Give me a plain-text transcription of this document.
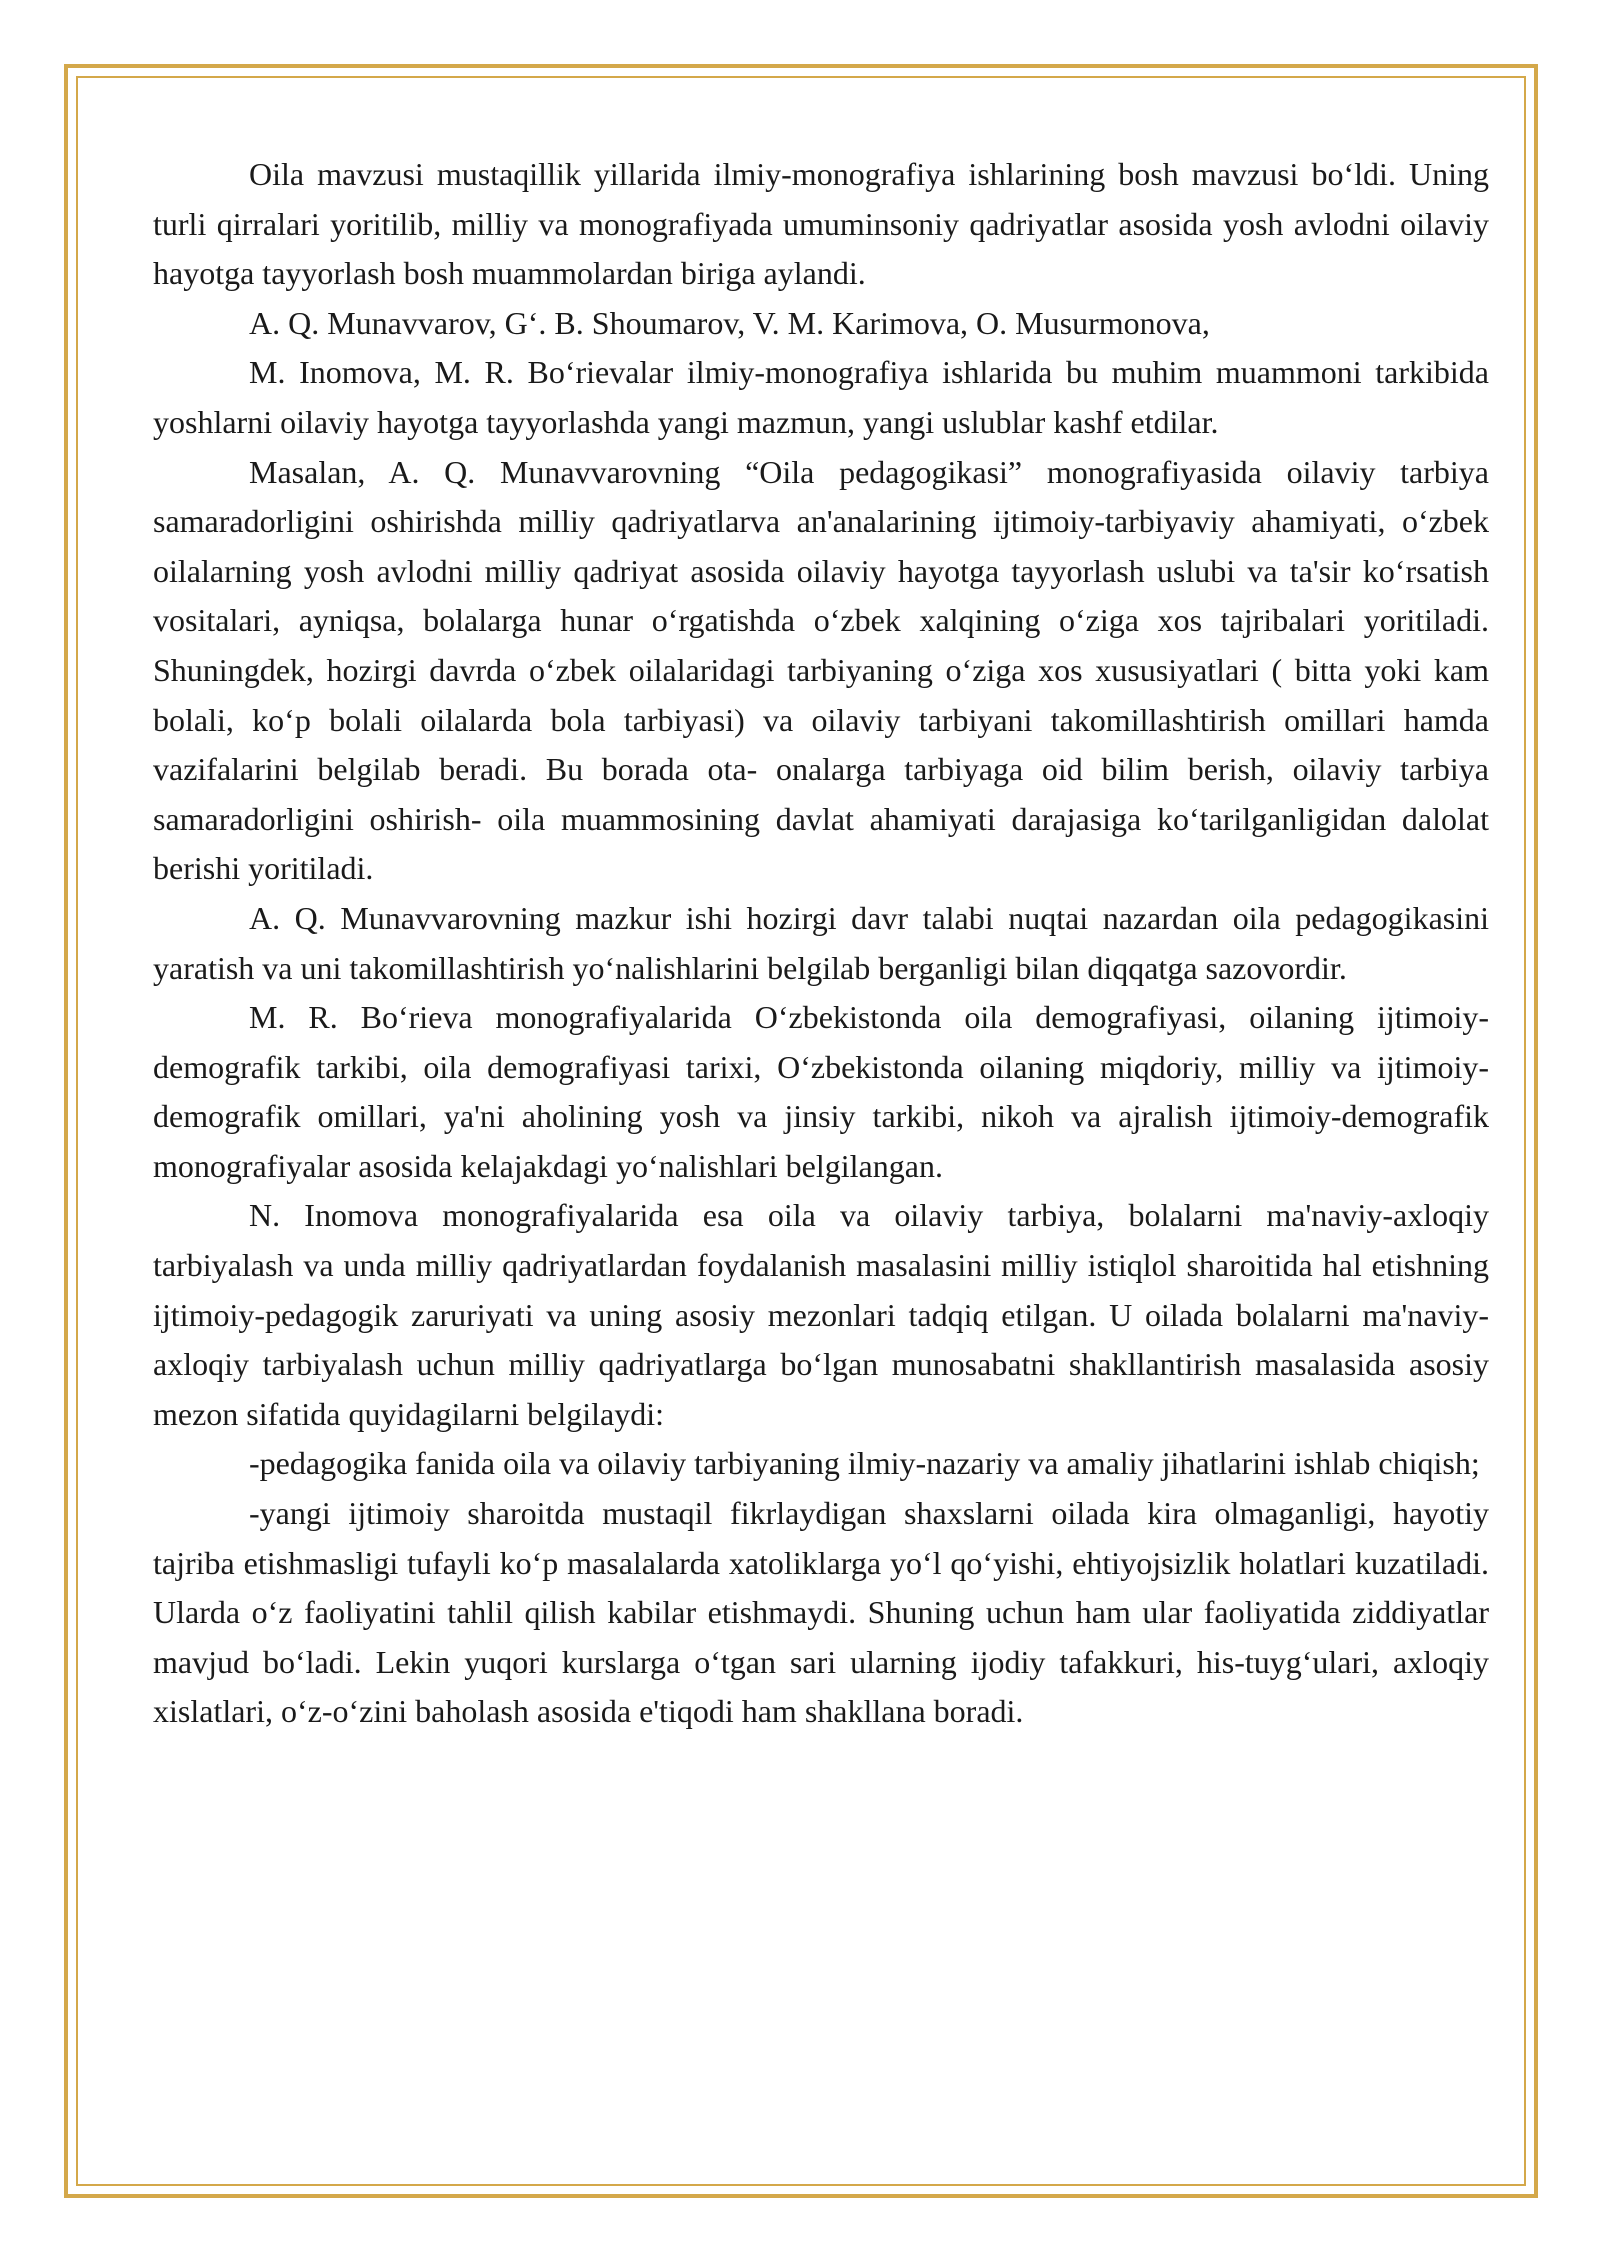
Oila mavzusi mustaqillik yillarida ilmiy-monografiya ishlarining bosh mavzusi bo‘ldi. Uning turli qirralari yoritilib, milliy va monografiyada umuminsoniy qadriyatlar asosida yosh avlodni oilaviy hayotga tayyorlash bosh muammolardan biriga aylandi.

A. Q. Munavvarov, G‘. B. Shoumarov, V. M. Karimova, O. Musurmonova,

M. Inomova, M. R. Bo‘rievalar ilmiy-monografiya ishlarida bu muhim muammoni tarkibida yoshlarni oilaviy hayotga tayyorlashda yangi mazmun, yangi uslublar kashf etdilar.

Masalan, A. Q. Munavvarovning “Oila pedagogikasi” monografiyasida oilaviy tarbiya samaradorligini oshirishda milliy qadriyatlarva an'analarining ijtimoiy-tarbiyaviy ahamiyati, o‘zbek oilalarning yosh avlodni milliy qadriyat asosida oilaviy hayotga tayyorlash uslubi va ta'sir ko‘rsatish vositalari, ayniqsa, bolalarga hunar o‘rgatishda o‘zbek xalqining o‘ziga xos tajribalari yoritiladi. Shuningdek, hozirgi davrda o‘zbek oilalaridagi tarbiyaning o‘ziga xos xususiyatlari ( bitta yoki kam bolali, ko‘p bolali oilalarda bola tarbiyasi) va oilaviy tarbiyani takomillashtirish omillari hamda vazifalarini belgilab beradi. Bu borada ota- onalarga tarbiyaga oid bilim berish, oilaviy tarbiya samaradorligini oshirish- oila muammosining davlat ahamiyati darajasiga ko‘tarilganligidan dalolat berishi yoritiladi.

A. Q. Munavvarovning mazkur ishi hozirgi davr talabi nuqtai nazardan oila pedagogikasini yaratish va uni takomillashtirish yo‘nalishlarini belgilab berganligi bilan diqqatga sazovordir.

M. R. Bo‘rieva monografiyalarida O‘zbekistonda oila demografiyasi, oilaning ijtimoiy-demografik tarkibi, oila demografiyasi tarixi, O‘zbekistonda oilaning miqdoriy, milliy va ijtimoiy-demografik omillari, ya'ni aholining yosh va jinsiy tarkibi, nikoh va ajralish ijtimoiy-demografik monografiyalar asosida kelajakdagi yo‘nalishlari belgilangan.

N. Inomova monografiyalarida esa oila va oilaviy tarbiya, bolalarni ma'naviy-axloqiy tarbiyalash va unda milliy qadriyatlardan foydalanish masalasini milliy istiqlol sharoitida hal etishning ijtimoiy-pedagogik zaruriyati va uning asosiy mezonlari tadqiq etilgan. U oilada bolalarni ma'naviy-axloqiy tarbiyalash uchun milliy qadriyatlarga bo‘lgan munosabatni shakllantirish masalasida asosiy mezon sifatida quyidagilarni belgilaydi:

-pedagogika fanida oila va oilaviy tarbiyaning ilmiy-nazariy va amaliy jihatlarini ishlab chiqish;

-yangi ijtimoiy sharoitda mustaqil fikrlaydigan shaxslarni oilada kira olmaganligi, hayotiy tajriba etishmasligi tufayli ko‘p masalalarda xatoliklarga yo‘l qo‘yishi, ehtiyojsizlik holatlari kuzatiladi. Ularda o‘z faoliyatini tahlil qilish kabilar etishmaydi. Shuning uchun ham ular faoliyatida ziddiyatlar mavjud bo‘ladi. Lekin yuqori kurslarga o‘tgan sari ularning ijodiy tafakkuri, his-tuyg‘ulari, axloqiy xislatlari, o‘z-o‘zini baholash asosida e'tiqodi ham shakllana boradi.
